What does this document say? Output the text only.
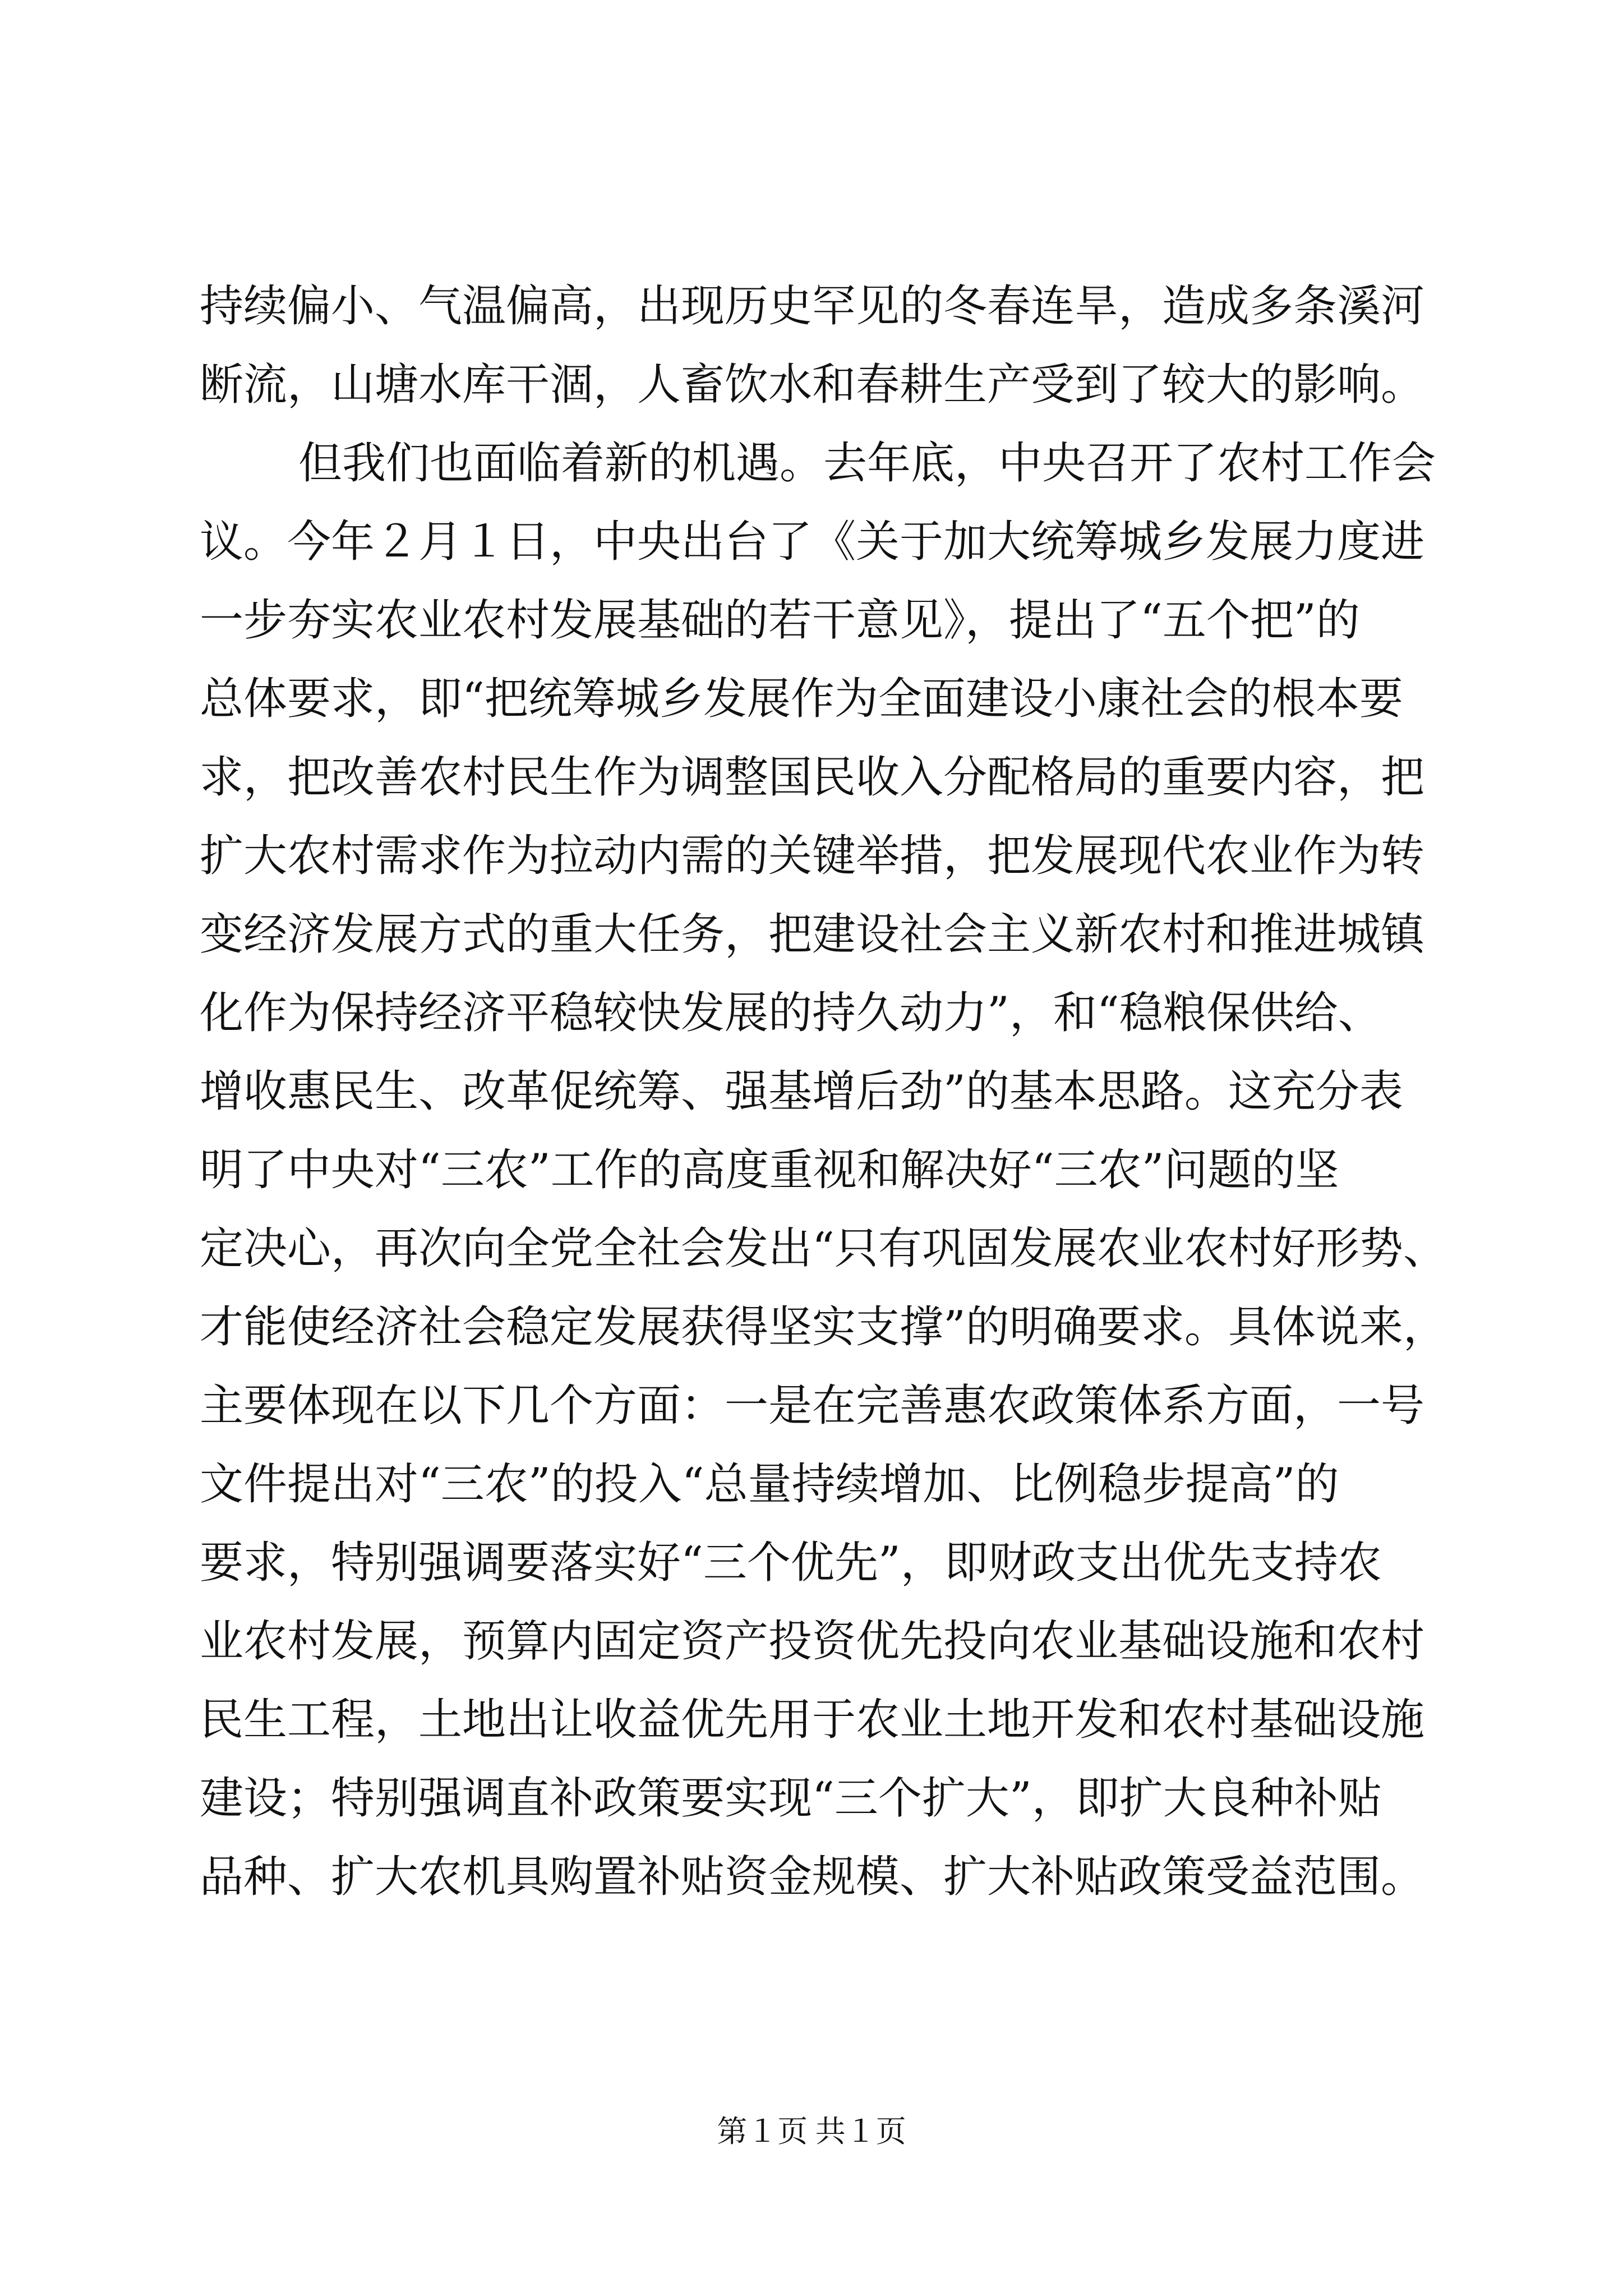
持续偏小、气温偏高，出现历史罕见的冬春连旱，造成多条溪河
断流，山塘水库干涸，人畜饮水和春耕生产受到了较大的影响。
但我们也面临着新的机遇。去年底，中央召开了农村工作会
议。今年２月１日，中央出台了《关于加大统筹城乡发展力度进
一步夯实农业农村发展基础的若干意见》，提出了“五个把”的
总体要求，即“把统筹城乡发展作为全面建设小康社会的根本要
求，把改善农村民生作为调整国民收入分配格局的重要内容，把
扩大农村需求作为拉动内需的关键举措，把发展现代农业作为转
变经济发展方式的重大任务，把建设社会主义新农村和推进城镇
化作为保持经济平稳较快发展的持久动力”，和“稳粮保供给、
增收惠民生、改革促统筹、强基增后劲”的基本思路。这充分表
明了中央对“三农”工作的高度重视和解决好“三农”问题的坚
定决心，再次向全党全社会发出“只有巩固发展农业农村好形势、
才能使经济社会稳定发展获得坚实支撑”的明确要求。具体说来，
主要体现在以下几个方面：一是在完善惠农政策体系方面，一号
文件提出对“三农”的投入“总量持续增加、比例稳步提高”的
要求，特别强调要落实好“三个优先”，即财政支出优先支持农
业农村发展，预算内固定资产投资优先投向农业基础设施和农村
民生工程，土地出让收益优先用于农业土地开发和农村基础设施
建设；特别强调直补政策要实现“三个扩大”，即扩大良种补贴
品种、扩大农机具购置补贴资金规模、扩大补贴政策受益范围。
第１页 共１页
